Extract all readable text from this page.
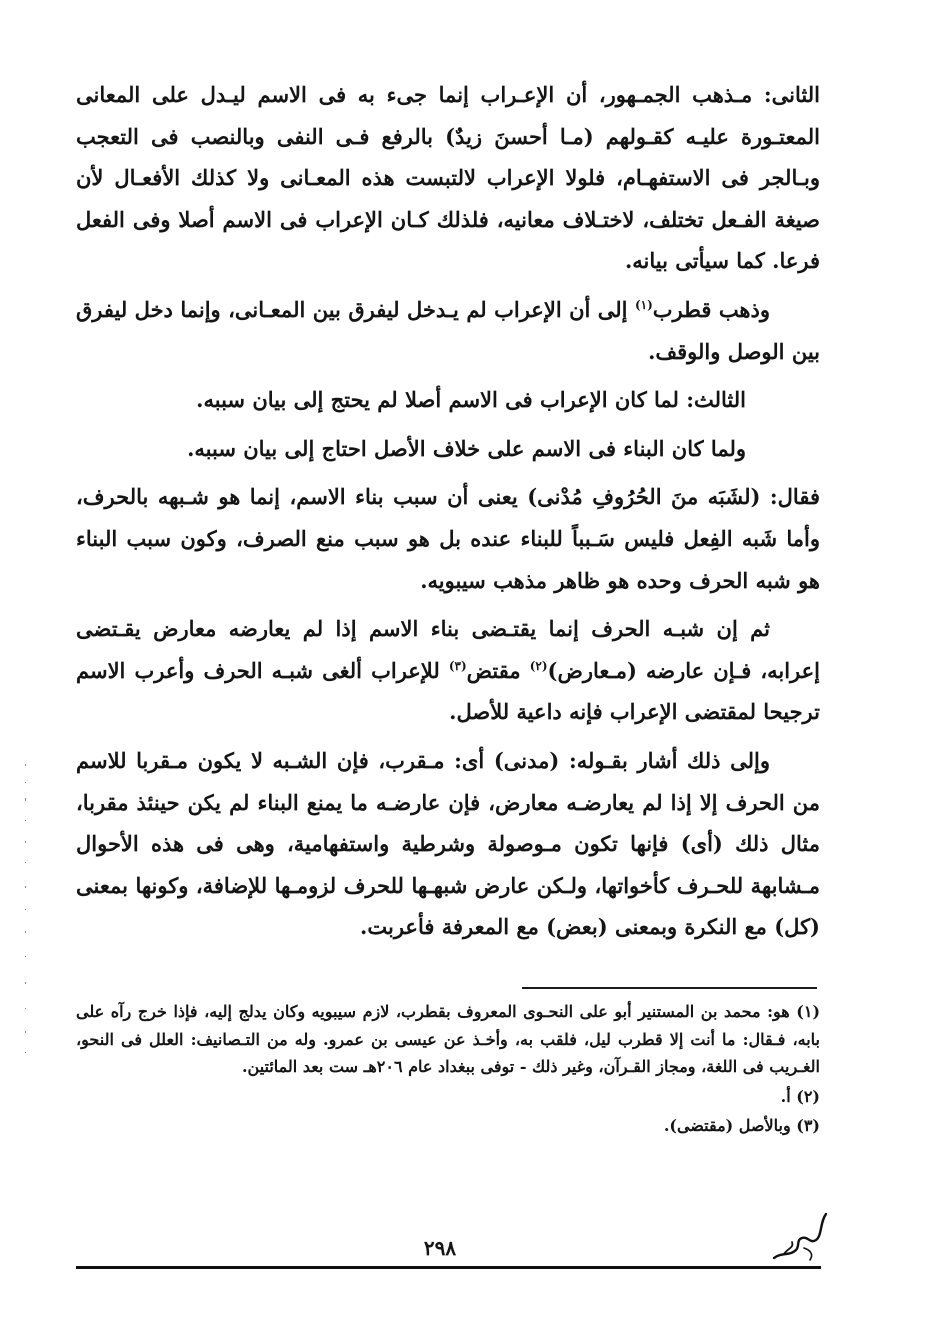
الثانى: مـذهب الجمـهور، أن الإعـراب إنما جىء به فى الاسم ليـدل على المعانى المعتـورة عليـه كقـولهم (مـا أحسنَ زيدٌ) بالرفع فـى النفى وبالنصب فى التعجب وبـالجر فى الاستفهـام، فلولا الإعراب لالتبست هذه المعـانى ولا كذلك الأفعـال لأن صيغة الفـعل تختلف، لاختـلاف معانيه، فلذلك كـان الإعراب فى الاسم أصلا وفى الفعل فرعا. كما سيأتى بيانه.

وذهب قطرب$^{(١)}$ إلى أن الإعراب لم يـدخل ليفرق بين المعـانى، وإنما دخل ليفرق بين الوصل والوقف.

الثالث: لما كان الإعراب فى الاسم أصلا لم يحتج إلى بيان سببه.

ولما كان البناء فى الاسم على خلاف الأصل احتاج إلى بيان سببه.

فقال: (لشَبَه منَ الحُرُوفِ مُدْنى) يعنى أن سبب بناء الاسم، إنما هو شـبهه بالحرف، وأما شَبه الفِعل فليس سَـبباً للبناء عنده بل هو سبب منع الصرف، وكون سبب البناء هو شبه الحرف وحده هو ظاهر مذهب سيبويه.

ثم إن شبـه الحرف إنما يقتـضى بناء الاسم إذا لم يعارضه معارض يقـتضى إعرابه، فـإن عارضه (مـعارض)$^{(٢)}$ مقتض$^{(٣)}$ للإعراب ألغى شبـه الحرف وأعرب الاسم ترجيحا لمقتضى الإعراب فإنه داعية للأصل.

وإلى ذلك أشار بقـوله: (مدنى) أى: مـقرب، فإن الشـبه لا يكون مـقربا للاسم من الحرف إلا إذا لم يعارضـه معارض، فإن عارضـه ما يمنع البناء لم يكن حينئذ مقربا، مثال ذلك (أى) فإنها تكون مـوصولة وشرطية واستفهامية، وهى فى هذه الأحوال مـشابهة للحـرف كأخواتها، ولـكن عارض شبهـها للحرف لزومـها للإضافة، وكونها بمعنى (كل) مع النكرة وبمعنى (بعض) مع المعرفة فأعربت.

(١) هو: محمد بن المستنير أبو على النحـوى المعروف بقطرب، لازم سيبويه وكان يدلج إليه، فإذا خرج رآه على بابه، فـقال: ما أنت إلا قطرب ليل، فلقب به، وأخـذ عن عيسى بن عمرو. وله من التـصانيف: العلل فى النحو، الغـريب فى اللغة، ومجاز القـرآن، وغير ذلك - توفى ببغداد عام ٢٠٦هـ ست بعد المائتين.

(٢) أ.

(٣) وبالأصل (مقتضى).

٢٩٨
